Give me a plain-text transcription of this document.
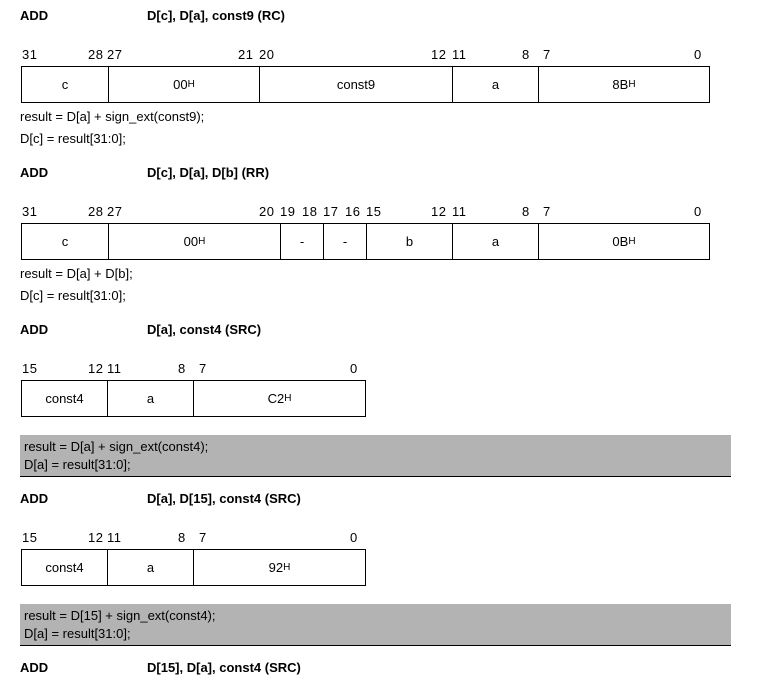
ADD	D[c], D[a], const9 (RC)
31	28 27	21 20	12 11	8 7	0
c	00 H	const9	a	8B H
result = D[a] + sign_ext(const9);
D[c] = result[31:0];
ADD	D[c], D[a], D[b] (RR)
31	28 27	20 19 18 17 16 15	12 11	8 7	0
c	00 H	-	-	b	a	0B H
result = D[a] + D[b];
D[c] = result[31:0];
ADD	D[a], const4 (SRC)
15	12 11	8 7	0
const4	a	C2 H
result = D[a] + sign_ext(const4);
D[a] = result[31:0];
ADD	D[a], D[15], const4 (SRC)
15	12 11	8 7	0
const4	a	92 H
result = D[15] + sign_ext(const4);
D[a] = result[31:0];
ADD	D[15], D[a], const4 (SRC)
